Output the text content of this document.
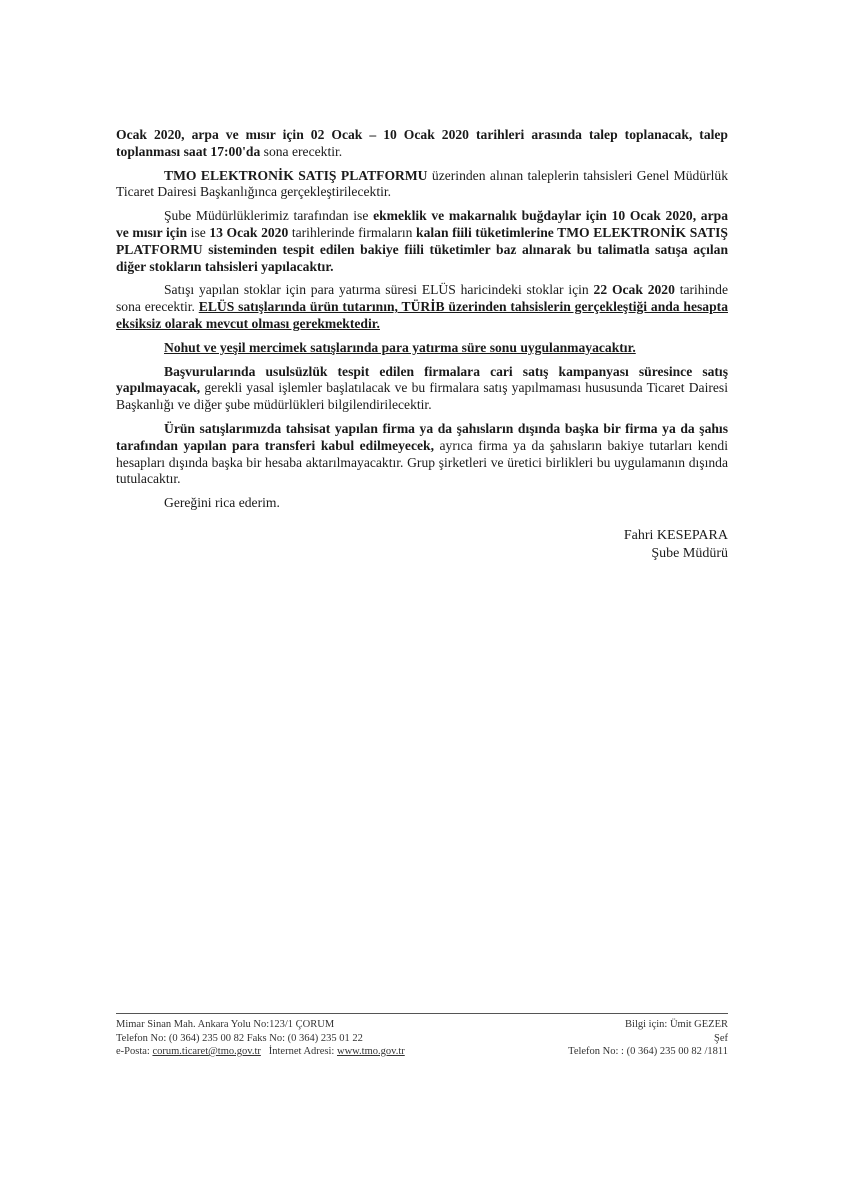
Ocak 2020, arpa ve mısır için 02 Ocak – 10 Ocak 2020 tarihleri arasında talep toplanacak, talep toplanması saat 17:00'da sona erecektir.

TMO ELEKTRONİK SATIŞ PLATFORMU üzerinden alınan taleplerin tahsisleri Genel Müdürlük Ticaret Dairesi Başkanlığınca gerçekleştirilecektir.

Şube Müdürlüklerimiz tarafından ise ekmeklik ve makarnalık buğdaylar için 10 Ocak 2020, arpa ve mısır için ise 13 Ocak 2020 tarihlerinde firmaların kalan fiili tüketimlerine TMO ELEKTRONİK SATIŞ PLATFORMU sisteminden tespit edilen bakiye fiili tüketimler baz alınarak bu talimatla satışa açılan diğer stokların tahsisleri yapılacaktır.

Satışı yapılan stoklar için para yatırma süresi ELÜS haricindeki stoklar için 22 Ocak 2020 tarihinde sona erecektir. ELÜS satışlarında ürün tutarının, TÜRİB üzerinden tahsislerin gerçekleştiği anda hesapta eksiksiz olarak mevcut olması gerekmektedir.

Nohut ve yeşil mercimek satışlarında para yatırma süre sonu uygulanmayacaktır.

Başvurularında usulsüzlük tespit edilen firmalara cari satış kampanyası süresince satış yapılmayacak, gerekli yasal işlemler başlatılacak ve bu firmalara satış yapılmaması hususunda Ticaret Dairesi Başkanlığı ve diğer şube müdürlükleri bilgilendirilecektir.

Ürün satışlarımızda tahsisat yapılan firma ya da şahısların dışında başka bir firma ya da şahıs tarafından yapılan para transferi kabul edilmeyecek, ayrıca firma ya da şahısların bakiye tutarları kendi hesapları dışında başka bir hesaba aktarılmayacaktır. Grup şirketleri ve üretici birlikleri bu uygulamanın dışında tutulacaktır.

Gereğini rica ederim.

Fahri KESEPARA
Şube Müdürü
Mimar Sinan Mah. Ankara Yolu No:123/1 ÇORUM
Telefon No: (0 364) 235 00 82 Faks No: (0 364) 235 01 22
e-Posta: corum.ticaret@tmo.gov.tr İnternet Adresi: www.tmo.gov.tr
Bilgi için: Ümit GEZER
Şef
Telefon No: : (0 364) 235 00 82 /1811
